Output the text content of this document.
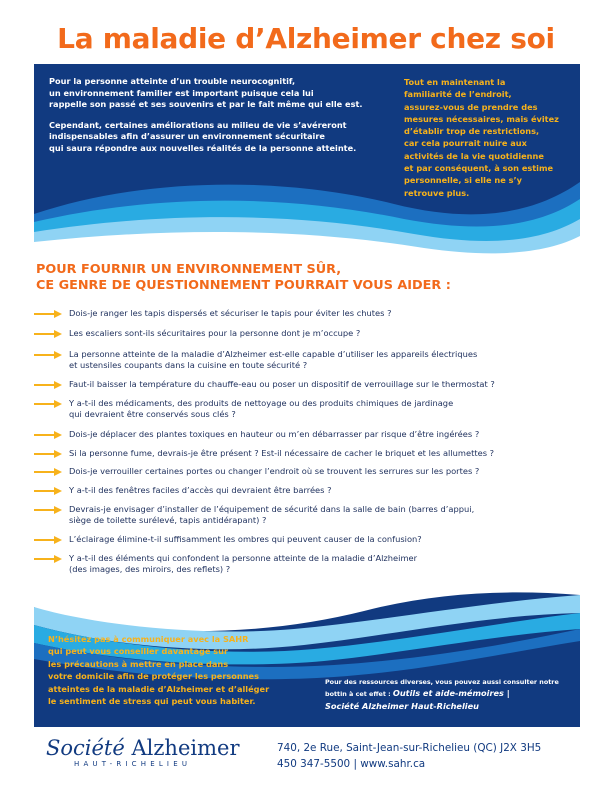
La maladie d’Alzheimer chez soi

Pour la personne atteinte d’un trouble neurocognitif,
un environnement familier est important puisque cela lui
rappelle son passé et ses souvenirs et par le fait même qui elle est.

Cependant, certaines améliorations au milieu de vie s’avéreront
indispensables afin d’assurer un environnement sécuritaire
qui saura répondre aux nouvelles réalités de la personne atteinte.

Tout en maintenant la
familiarité de l’endroit,
assurez-vous de prendre des
mesures nécessaires, mais évitez
d’établir trop de restrictions,
car cela pourrait nuire aux
activités de la vie quotidienne
et par conséquent, à son estime
personnelle, si elle ne s’y
retrouve plus.
POUR FOURNIR UN ENVIRONNEMENT SÛR,
CE GENRE DE QUESTIONNEMENT POURRAIT VOUS AIDER :
Dois-je ranger les tapis dispersés et sécuriser le tapis pour éviter les chutes ?
Les escaliers sont-ils sécuritaires pour la personne dont je m’occupe ?
La personne atteinte de la maladie d’Alzheimer est-elle capable d’utiliser les appareils électriques
et ustensiles coupants dans la cuisine en toute sécurité ?
Faut-il baisser la température du chauffe-eau ou poser un dispositif de verrouillage sur le thermostat ?
Y a-t-il des médicaments, des produits de nettoyage ou des produits chimiques de jardinage
qui devraient être conservés sous clés ?
Dois-je déplacer des plantes toxiques en hauteur ou m’en débarrasser par risque d’être ingérées ?
Si la personne fume, devrais-je être présent ? Est-il nécessaire de cacher le briquet et les allumettes ?
Dois-je verrouiller certaines portes ou changer l’endroit où se trouvent les serrures sur les portes ?
Y a-t-il des fenêtres faciles d’accès qui devraient être barrées ?
Devrais-je envisager d’installer de l’équipement de sécurité dans la salle de bain (barres d’appui,
siège de toilette surélevé, tapis antidérapant) ?
L’éclairage élimine-t-il suffisamment les ombres qui peuvent causer de la confusion?
Y a-t-il des éléments qui confondent la personne atteinte de la maladie d’Alzheimer
(des images, des miroirs, des reflets) ?
N’hésitez pas à communiquer avec la SAHR
qui peut vous conseiller davantage sur
les précautions à mettre en place dans
votre domicile afin de protéger les personnes
atteintes de la maladie d’Alzheimer et d’alléger
le sentiment de stress qui peut vous habiter.
Pour des ressources diverses, vous pouvez aussi consulter notre
bottin à cet effet : Outils et aide-mémoires |
Société Alzheimer Haut-Richelieu
Société Alzheimer
HAUT-RICHELIEU
740, 2e Rue, Saint-Jean-sur-Richelieu (QC) J2X 3H5
450 347-5500 | www.sahr.ca
